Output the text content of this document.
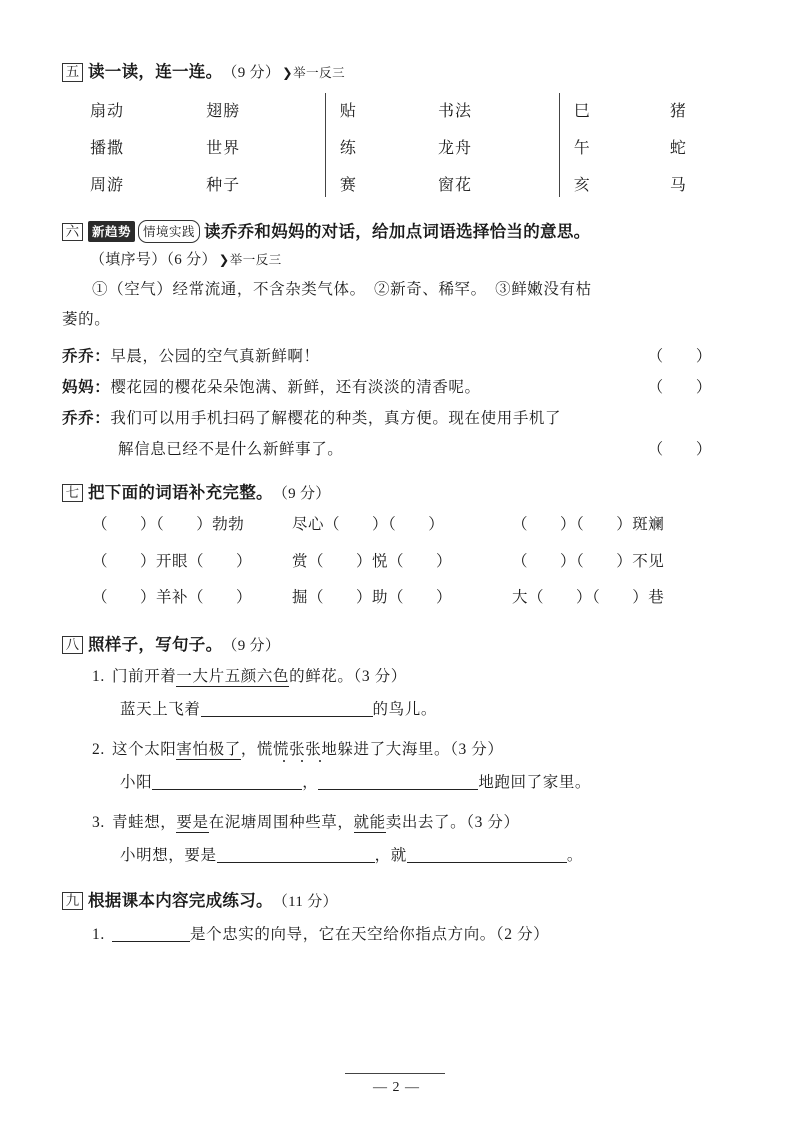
五 读一读，连一连。 （9 分） ❯举一反三
扇动	翅膀	贴	书法	巳	猪
播撒	世界	练	龙舟	午	蛇
周游	种子	赛	窗花	亥	马
六	新趋势 情境实践 读乔乔和妈妈的对话，给加点词语选择恰当的意思。
（填序号）（6 分） ❯举一反三
①（空气）经常流通，不含杂类气体。　②新奇、稀罕。　③鲜嫩没有枯
萎的。
乔乔：早晨，公园的空气真新鲜啊！	（　　）
妈妈：樱花园的樱花朵朵饱满、新鲜，还有淡淡的清香呢。	（　　）
乔乔：我们可以用手机扫码了解樱花的种类，真方便。现在使用手机了
解信息已经不是什么新鲜事了。	（　　）
七 把下面的词语补充完整。 （9 分）
（　　）（　　）勃勃	尽心（　　）（　　）	（　　）（　　）斑斓
（　　）开眼（　　）	赏（　　）悦（　　）	（　　）（　　）不见
（　　）羊补（　　）	掘（　　）助（　　）	大（　　）（　　）巷
八 照样子，写句子。 （9 分）
1. 门前开着一大片五颜六色的鲜花。（3 分）
蓝天上飞着	的鸟儿。
2. 这个太阳害怕极了，慌慌张张地躲进了大海里。（3 分）
小阳	，	地跑回了家里。
3. 青蛙想，要是在泥塘周围种些草，就能卖出去了。（3 分）
小明想，要是	，就	。
九 根据课本内容完成练习。 （11 分）
1.	是个忠实的向导，它在天空给你指点方向。（2 分）
— 2 —
